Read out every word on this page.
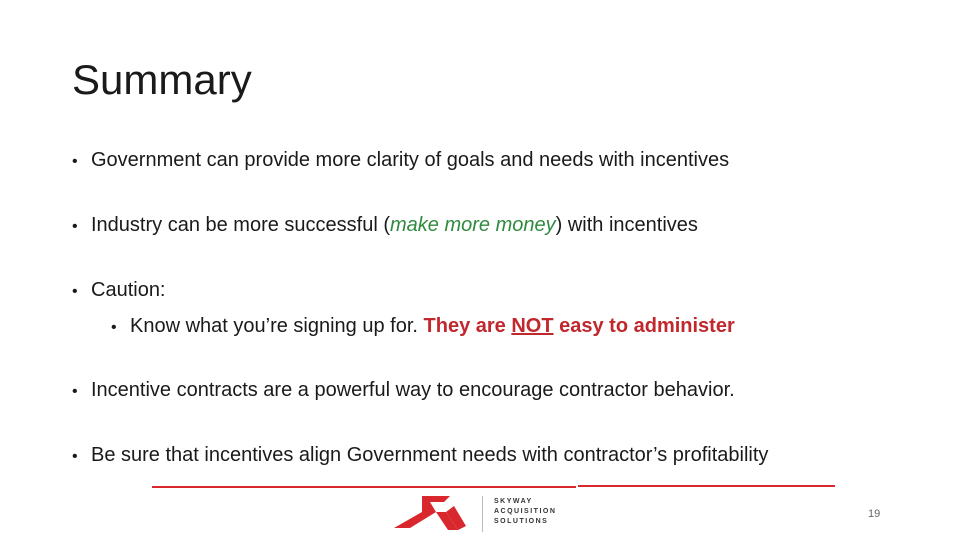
Summary
• Government can provide more clarity of goals and needs with incentives
• Industry can be more successful (make more money) with incentives
• Caution:
• Know what you’re signing up for. They are NOT easy to administer
• Incentive contracts are a powerful way to encourage contractor behavior.
• Be sure that incentives align Government needs with contractor’s profitability
SKYWAY
ACQUISITION
SOLUTIONS
19
